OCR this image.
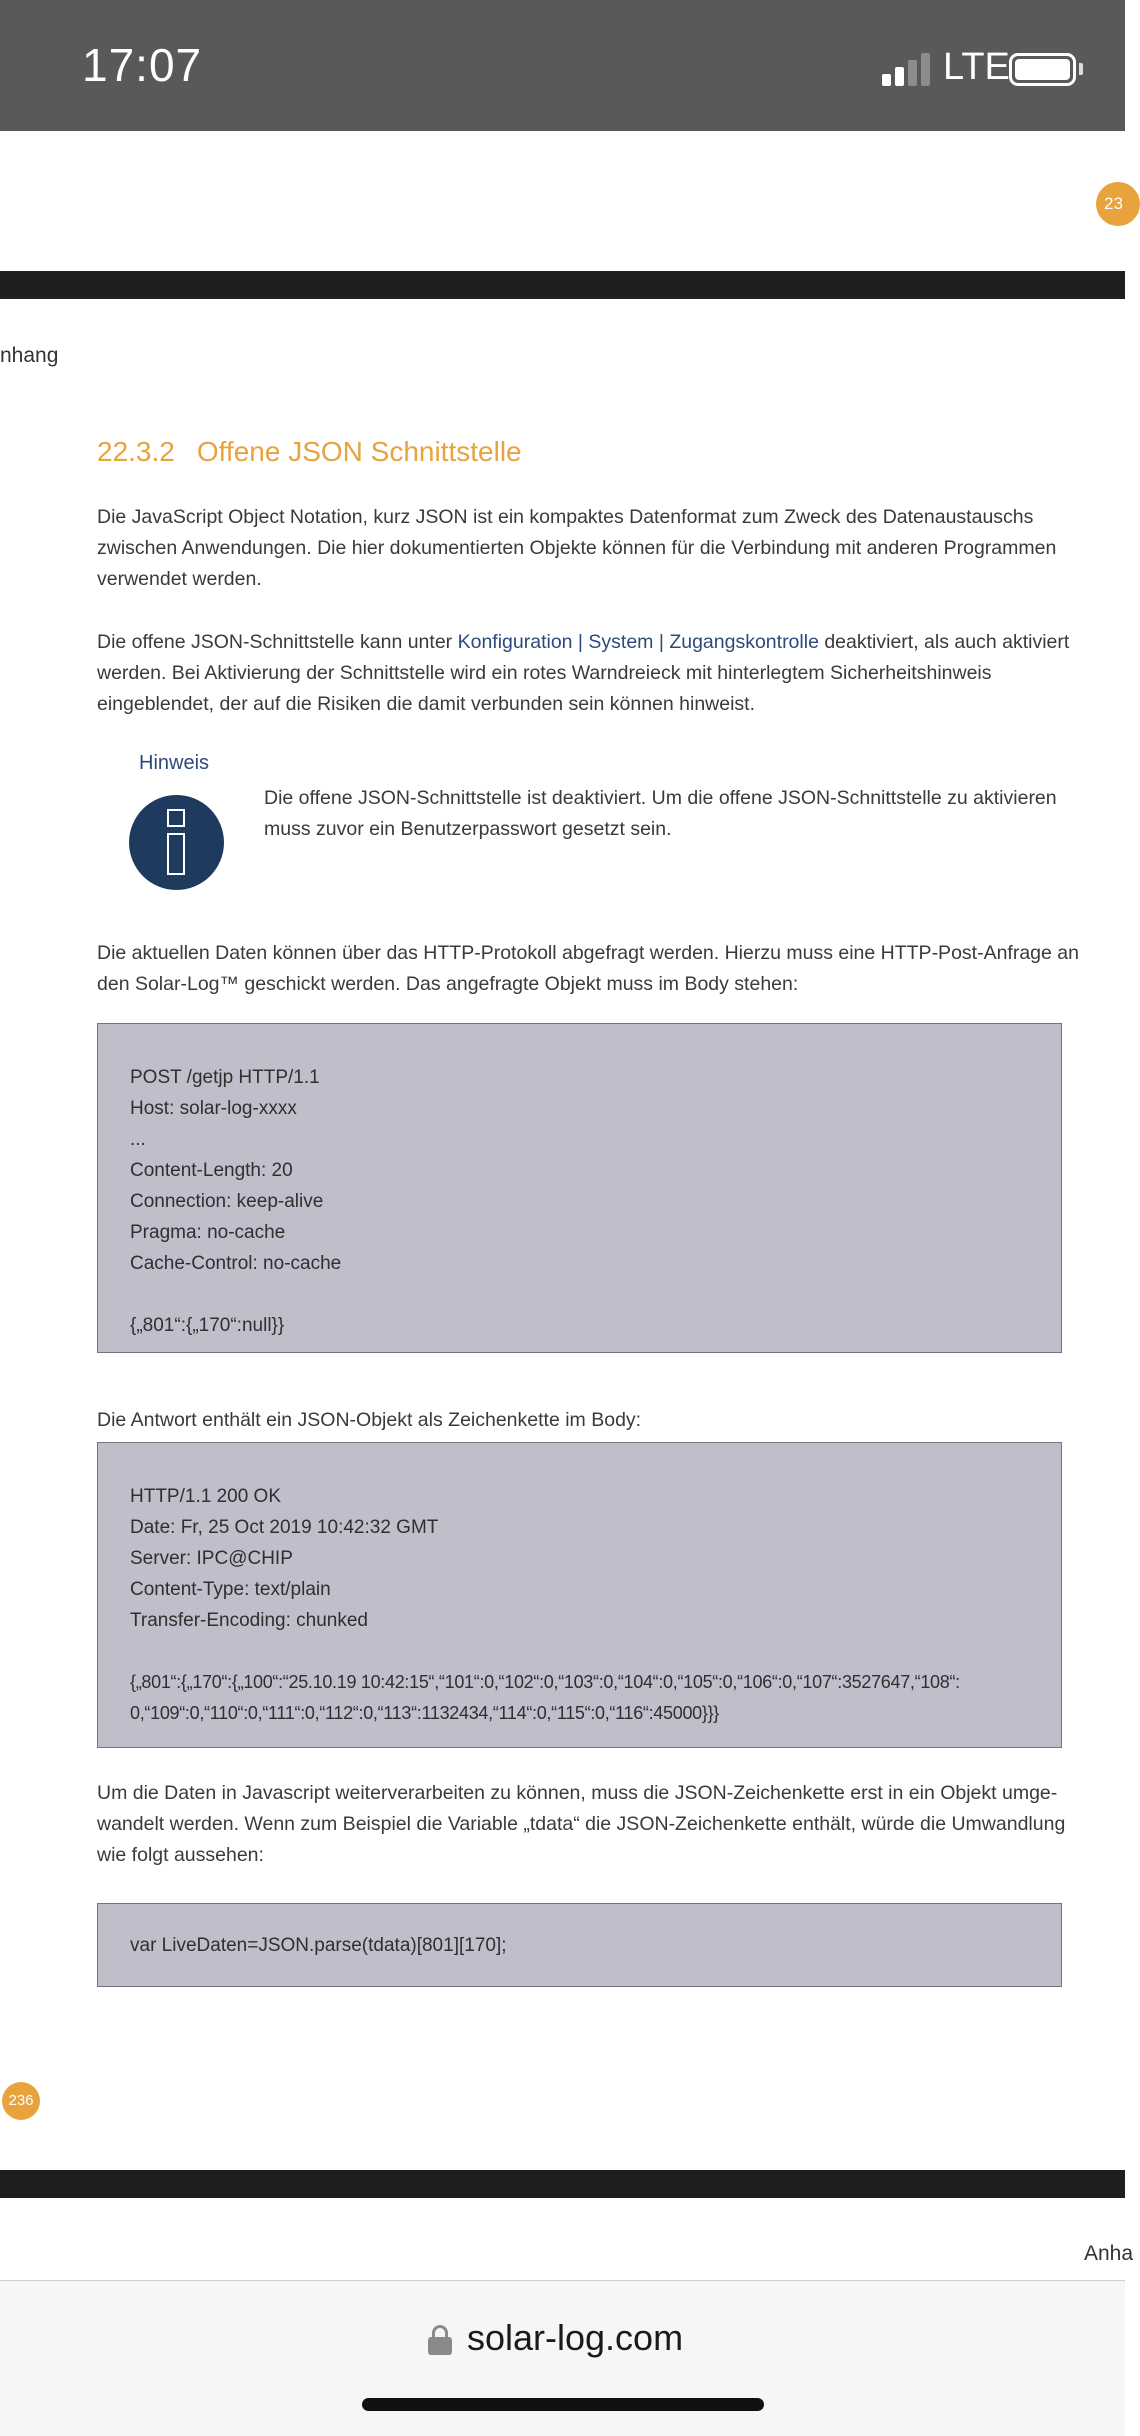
17:07	LTE
23
nhang
22.3.2 Offene JSON Schnittstelle
Die JavaScript Object Notation, kurz JSON ist ein kompaktes Datenformat zum Zweck des Datenaustauschs zwischen Anwendungen. Die hier dokumentierten Objekte können für die Verbindung mit anderen Programmen verwendet werden.
Die offene JSON-Schnittstelle kann unter Konfiguration | System | Zugangskontrolle deaktiviert, als auch aktiviert werden. Bei Aktivierung der Schnittstelle wird ein rotes Warndreieck mit hinterlegtem Sicherheitshinweis eingeblendet, der auf die Risiken die damit verbunden sein können hinweist.
Hinweis
Die offene JSON-Schnittstelle ist deaktiviert. Um die offene JSON-Schnittstelle zu aktivieren muss zuvor ein Benutzerpasswort gesetzt sein.
Die aktuellen Daten können über das HTTP-Protokoll abgefragt werden. Hierzu muss eine HTTP-Post-Anfrage an den Solar-Log™ geschickt werden. Das angefragte Objekt muss im Body stehen:
POST /getjp HTTP/1.1
Host: solar-log-xxxx
...
Content-Length: 20
Connection: keep-alive
Pragma: no-cache
Cache-Control: no-cache
{„801“:{„170“:null}}
Die Antwort enthält ein JSON-Objekt als Zeichenkette im Body:
HTTP/1.1 200 OK
Date: Fr, 25 Oct 2019 10:42:32 GMT
Server: IPC@CHIP
Content-Type: text/plain
Transfer-Encoding: chunked
{„801“:{„170“:{„100“:“25.10.19 10:42:15“,“101“:0,“102“:0,“103“:0,“104“:0,“105“:0,“106“:0,“107“:3527647,“108“:
0,“109“:0,“110“:0,“111“:0,“112“:0,“113“:1132434,“114“:0,“115“:0,“116“:45000}}}
Um die Daten in Javascript weiterverarbeiten zu können, muss die JSON-Zeichenkette erst in ein Objekt umge-wandelt werden. Wenn zum Beispiel die Variable „tdata“ die JSON-Zeichenkette enthält, würde die Umwandlung wie folgt aussehen:
var LiveDaten=JSON.parse(tdata)[801][170];
236
Anha
solar-log.com
